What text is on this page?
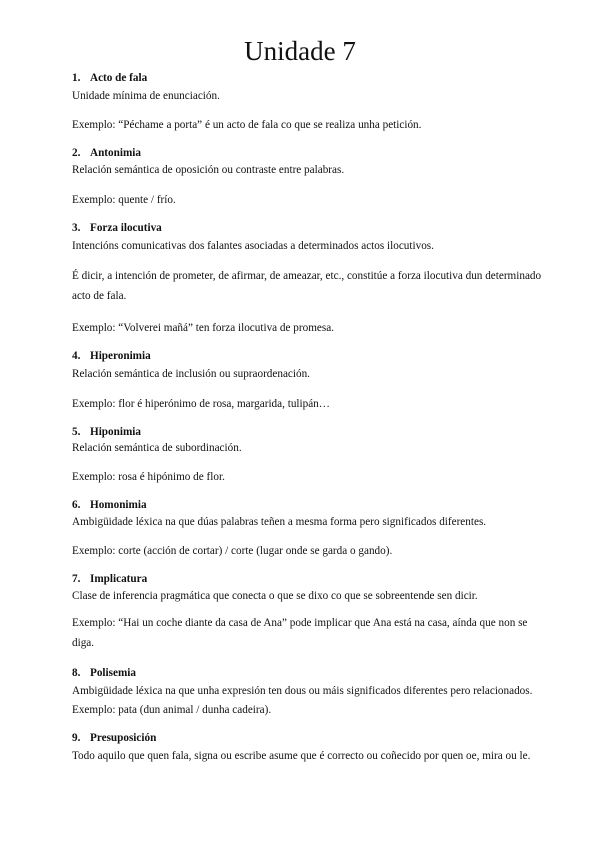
Unidade 7
1. Acto de fala
Unidade mínima de enunciación.
Exemplo: “Péchame a porta” é un acto de fala co que se realiza unha petición.
2. Antonimia
Relación semántica de oposición ou contraste entre palabras.
Exemplo: quente / frío.
3. Forza ilocutiva
Intencións comunicativas dos falantes asociadas a determinados actos ilocutivos.
É dicir, a intención de prometer, de afirmar, de ameazar, etc., constitúe a forza ilocutiva dun determinado acto de fala.
Exemplo: “Volverei mañá” ten forza ilocutiva de promesa.
4. Hiperonimia
Relación semántica de inclusión ou supraordenación.
Exemplo: flor é hiperónimo de rosa, margarida, tulipán…
5. Hiponimia
Relación semántica de subordinación.
Exemplo: rosa é hipónimo de flor.
6. Homonimia
Ambigüidade léxica na que dúas palabras teñen a mesma forma pero significados diferentes.
Exemplo: corte (acción de cortar) / corte (lugar onde se garda o gando).
7. Implicatura
Clase de inferencia pragmática que conecta o que se dixo co que se sobreentende sen dicir.
Exemplo: “Hai un coche diante da casa de Ana” pode implicar que Ana está na casa, aínda que non se diga.
8. Polisemia
Ambigüidade léxica na que unha expresión ten dous ou máis significados diferentes pero relacionados.
Exemplo: pata (dun animal / dunha cadeira).
9. Presuposición
Todo aquilo que quen fala, signa ou escribe asume que é correcto ou coñecido por quen oe, mira ou le.
